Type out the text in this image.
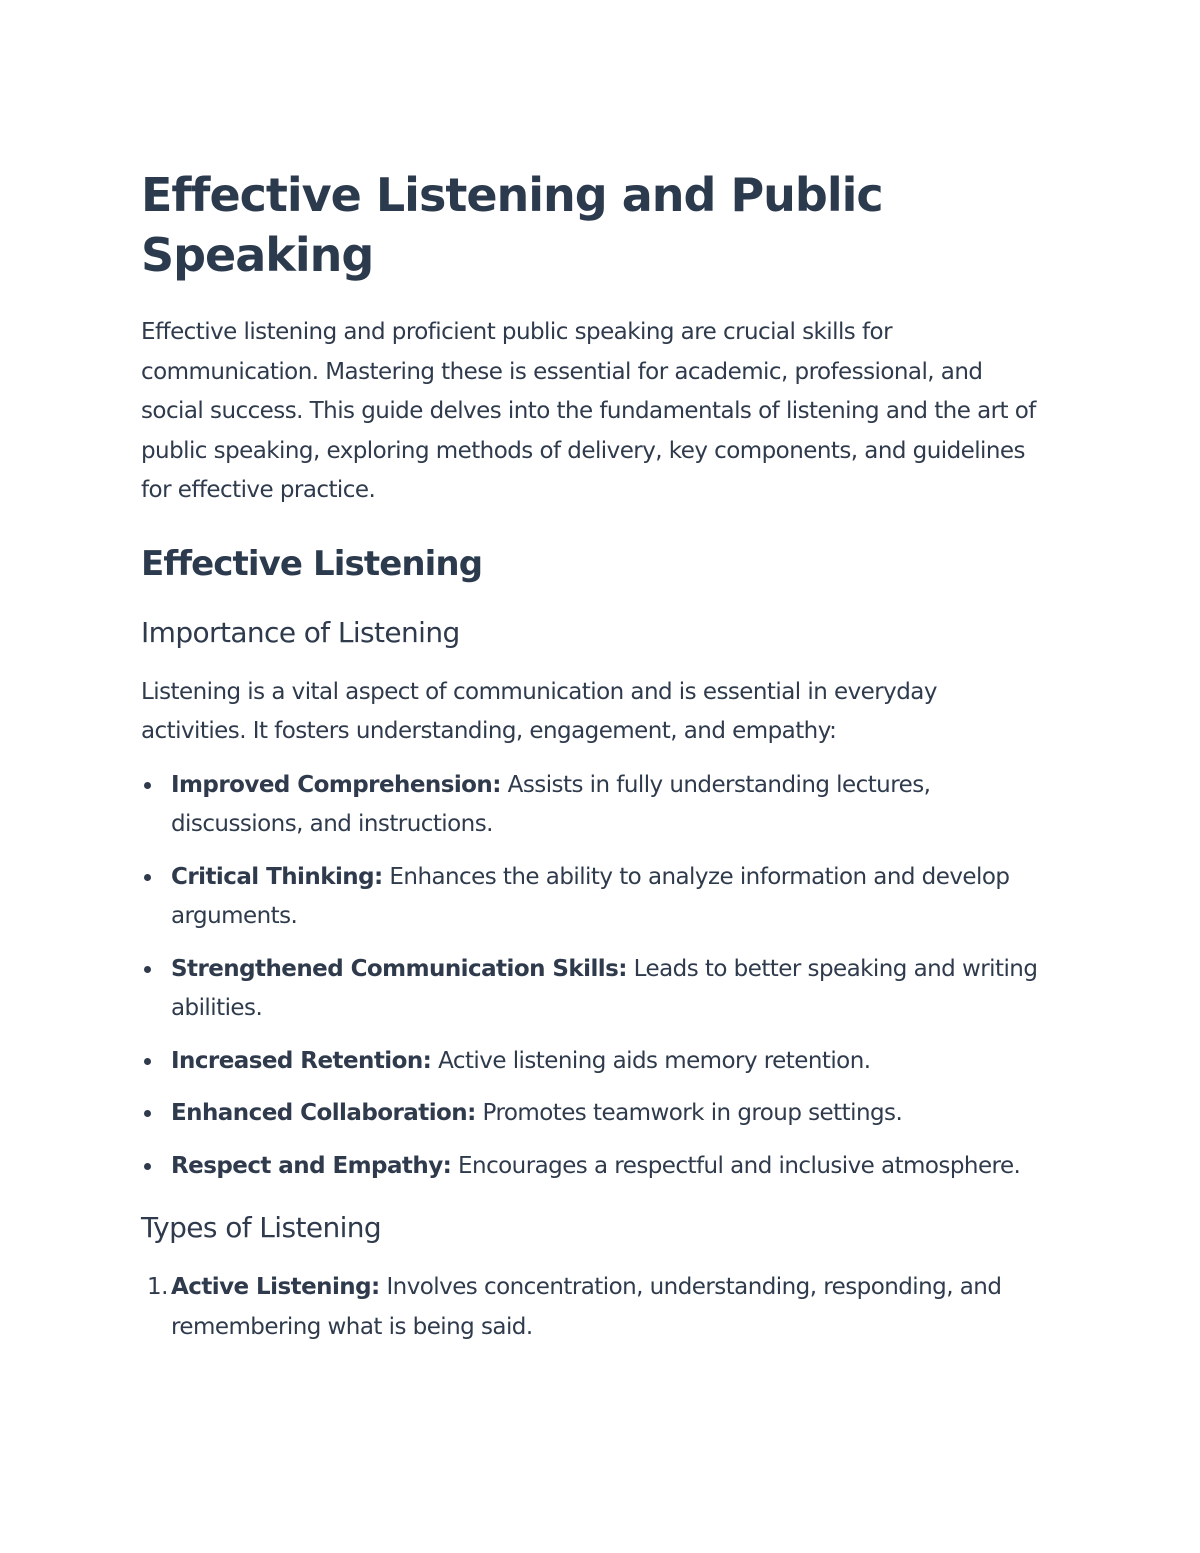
Effective Listening and Public Speaking

Effective listening and proficient public speaking are crucial skills for communication. Mastering these is essential for academic, professional, and social success. This guide delves into the fundamentals of listening and the art of public speaking, exploring methods of delivery, key components, and guidelines for effective practice.

Effective Listening
Importance of Listening

Listening is a vital aspect of communication and is essential in everyday activities. It fosters understanding, engagement, and empathy:

Improved Comprehension: Assists in fully understanding lectures, discussions, and instructions.
Critical Thinking: Enhances the ability to analyze information and develop arguments.
Strengthened Communication Skills: Leads to better speaking and writing abilities.
Increased Retention: Active listening aids memory retention.
Enhanced Collaboration: Promotes teamwork in group settings.
Respect and Empathy: Encourages a respectful and inclusive atmosphere.
Types of Listening
1. Active Listening: Involves concentration, understanding, responding, and remembering what is being said.
